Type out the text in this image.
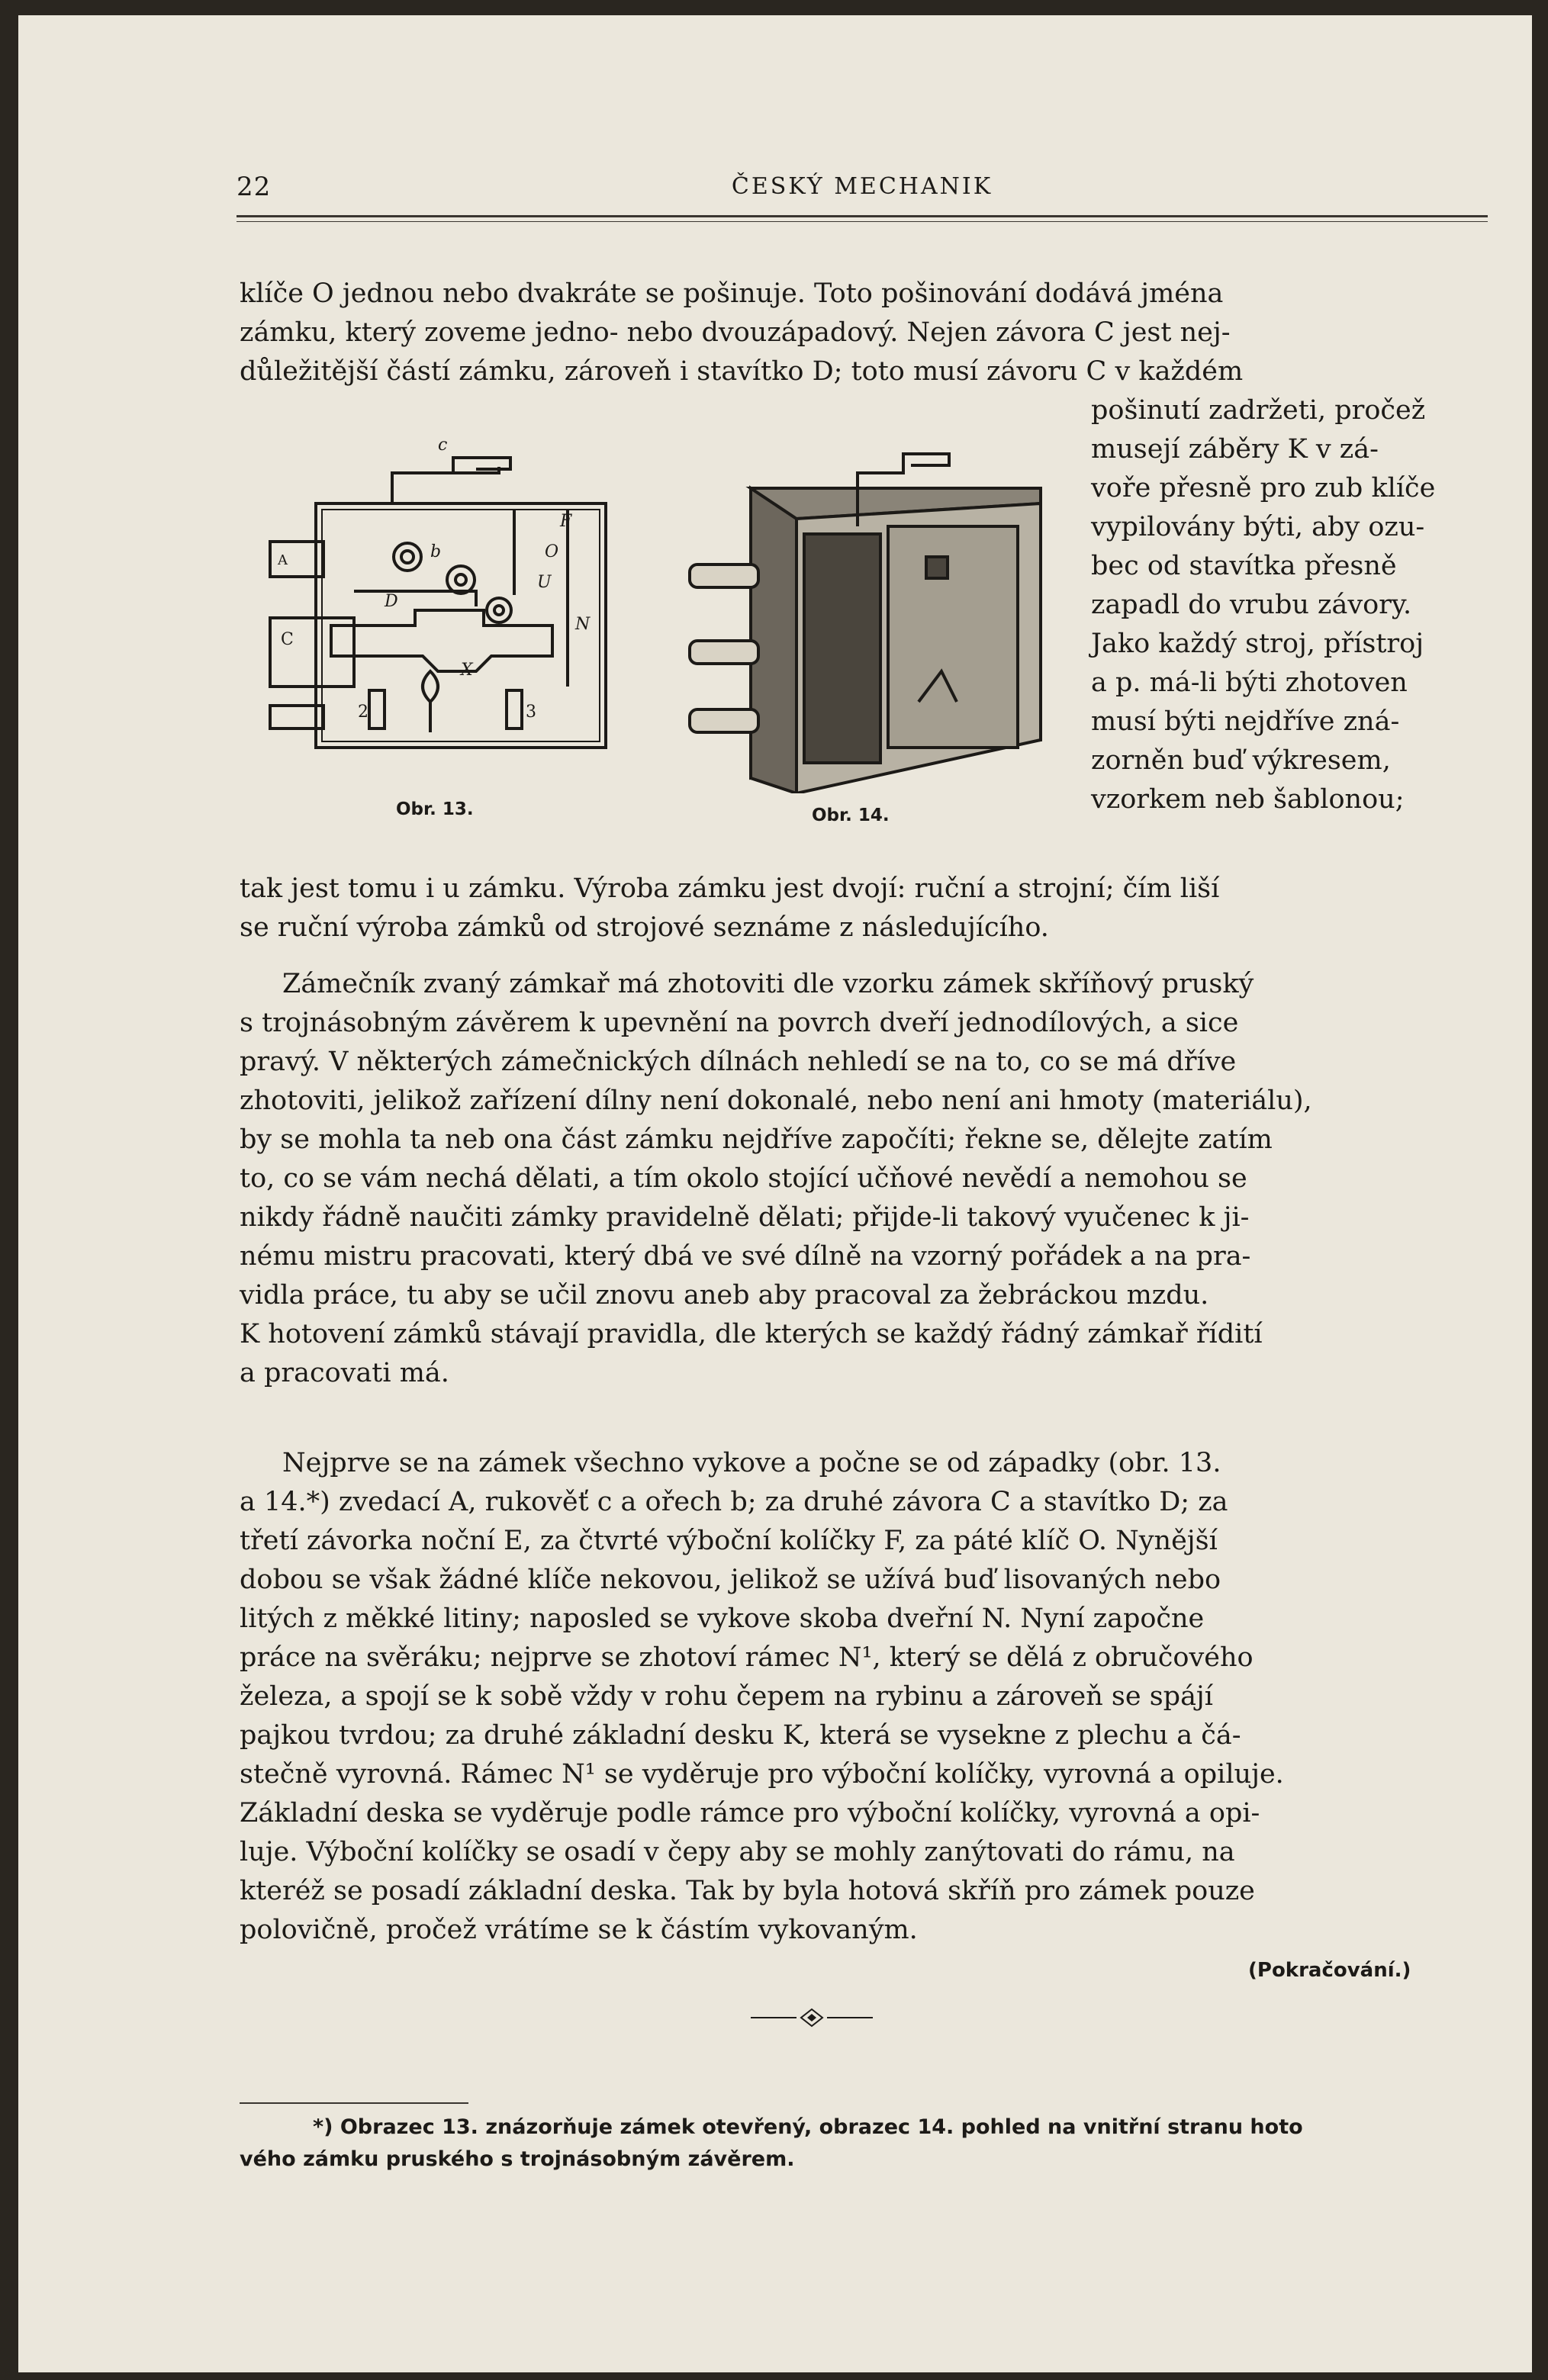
22	ČESKÝ MECHANIK
klíče O jednou nebo dvakráte se pošinuje. Toto pošinování dodává jména
zámku, který zoveme jedno- nebo dvouzápadový. Nejen závora C jest nej-
důležitější částí zámku, zároveň i stavítko D; toto musí závoru C v každém
pošinutí zadržeti, pročež
musejí záběry K v zá-
voře přesně pro zub klíče
vypilovány býti, aby ozu-
bec od stavítka přesně
zapadl do vrubu závory.
Jako každý stroj, přístroj
a p. má-li býti zhotoven
musí býti nejdříve zná-
zorněn buď výkresem,
vzorkem neb šablonou;
c
A
C
b
F
O
U
D
N
X
2	3
Obr. 13.	Obr. 14.
tak jest tomu i u zámku. Výroba zámku jest dvojí: ruční a strojní; čím liší
se ruční výroba zámků od strojové seznáme z následujícího.
Zámečník zvaný zámkař má zhotoviti dle vzorku zámek skříňový pruský
s trojnásobným závěrem k upevnění na povrch dveří jednodílových, a sice
pravý. V některých zámečnických dílnách nehledí se na to, co se má dříve
zhotoviti, jelikož zařízení dílny není dokonalé, nebo není ani hmoty (materiálu),
by se mohla ta neb ona část zámku nejdříve započíti; řekne se, dělejte zatím
to, co se vám nechá dělati, a tím okolo stojící učňové nevědí a nemohou se
nikdy řádně naučiti zámky pravidelně dělati; přijde-li takový vyučenec k ji-
nému mistru pracovati, který dbá ve své dílně na vzorný pořádek a na pra-
vidla práce, tu aby se učil znovu aneb aby pracoval za žebráckou mzdu.
K hotovení zámků stávají pravidla, dle kterých se každý řádný zámkař řídití
a pracovati má.
Nejprve se na zámek všechno vykove a počne se od západky (obr. 13.
a 14.*) zvedací A, rukověť c a ořech b; za druhé závora C a stavítko D; za
třetí závorka noční E, za čtvrté výboční kolíčky F, za páté klíč O. Nynější
dobou se však žádné klíče nekovou, jelikož se užívá buď lisovaných nebo
litých z měkké litiny; naposled se vykove skoba dveřní N. Nyní započne
práce na svěráku; nejprve se zhotoví rámec N¹, který se dělá z obručového
železa, a spojí se k sobě vždy v rohu čepem na rybinu a zároveň se spájí
pajkou tvrdou; za druhé základní desku K, která se vysekne z plechu a čá-
stečně vyrovná. Rámec N¹ se vyděruje pro výboční kolíčky, vyrovná a opiluje.
Základní deska se vyděruje podle rámce pro výboční kolíčky, vyrovná a opi-
luje. Výboční kolíčky se osadí v čepy aby se mohly zanýtovati do rámu, na
kteréž se posadí základní deska. Tak by byla hotová skříň pro zámek pouze
polovičně, pročež vrátíme se k částím vykovaným.
(Pokračování.)
*) Obrazec 13. znázorňuje zámek otevřený, obrazec 14. pohled na vnitřní stranu hoto
vého zámku pruského s trojnásobným závěrem.
